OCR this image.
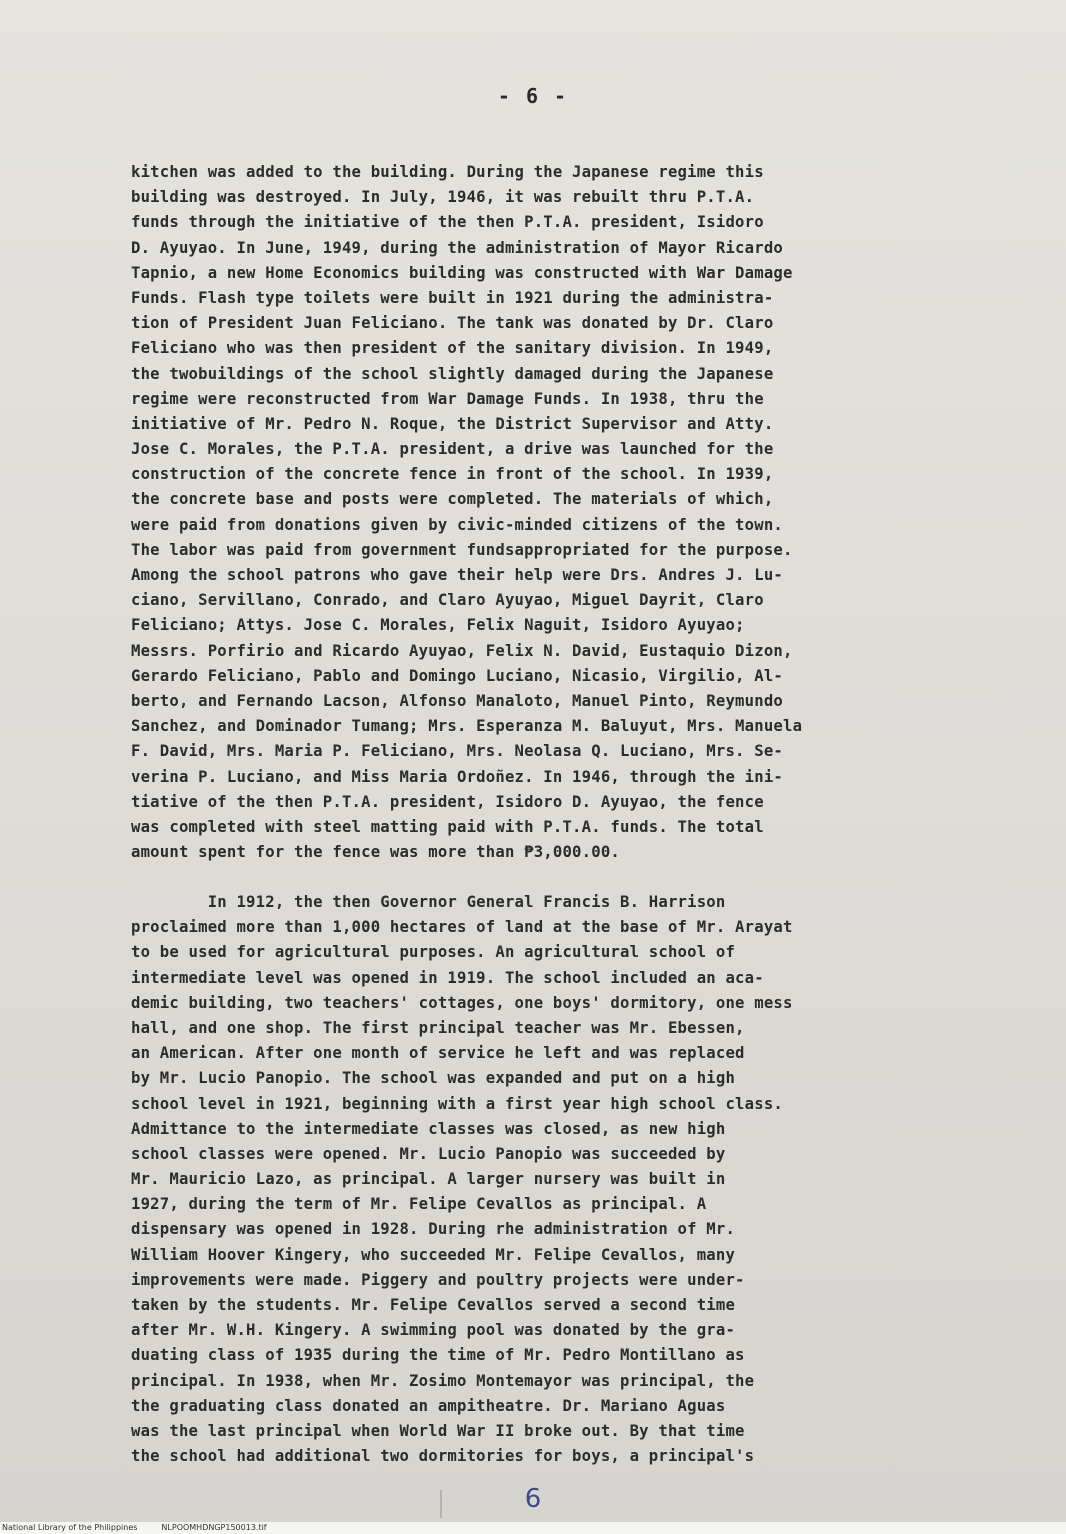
- 6 -
kitchen was added to the building. During the Japanese regime this
building was destroyed. In July, 1946, it was rebuilt thru P.T.A.
funds through the initiative of the then P.T.A. president, Isidoro
D. Ayuyao. In June, 1949, during the administration of Mayor Ricardo
Tapnio, a new Home Economics building was constructed with War Damage
Funds. Flash type toilets were built in 1921 during the administra-
tion of President Juan Feliciano. The tank was donated by Dr. Claro
Feliciano who was then president of the sanitary division. In 1949,
the twobuildings of the school slightly damaged during the Japanese
regime were reconstructed from War Damage Funds. In 1938, thru the
initiative of Mr. Pedro N. Roque, the District Supervisor and Atty.
Jose C. Morales, the P.T.A. president, a drive was launched for the
construction of the concrete fence in front of the school. In 1939,
the concrete base and posts were completed. The materials of which,
were paid from donations given by civic-minded citizens of the town.
The labor was paid from government fundsappropriated for the purpose.
Among the school patrons who gave their help were Drs. Andres J. Lu-
ciano, Servillano, Conrado, and Claro Ayuyao, Miguel Dayrit, Claro
Feliciano; Attys. Jose C. Morales, Felix Naguit, Isidoro Ayuyao;
Messrs. Porfirio and Ricardo Ayuyao, Felix N. David, Eustaquio Dizon,
Gerardo Feliciano, Pablo and Domingo Luciano, Nicasio, Virgilio, Al-
berto, and Fernando Lacson, Alfonso Manaloto, Manuel Pinto, Reymundo
Sanchez, and Dominador Tumang; Mrs. Esperanza M. Baluyut, Mrs. Manuela
F. David, Mrs. Maria P. Feliciano, Mrs. Neolasa Q. Luciano, Mrs. Se-
verina P. Luciano, and Miss Maria Ordoñez. In 1946, through the ini-
tiative of the then P.T.A. president, Isidoro D. Ayuyao, the fence
was completed with steel matting paid with P.T.A. funds. The total
amount spent for the fence was more than ₱3,000.00.
In 1912, the then Governor General Francis B. Harrison
proclaimed more than 1,000 hectares of land at the base of Mr. Arayat
to be used for agricultural purposes. An agricultural school of
intermediate level was opened in 1919. The school included an aca-
demic building, two teachers' cottages, one boys' dormitory, one mess
hall, and one shop. The first principal teacher was Mr. Ebessen,
an American. After one month of service he left and was replaced
by Mr. Lucio Panopio. The school was expanded and put on a high
school level in 1921, beginning with a first year high school class.
Admittance to the intermediate classes was closed, as new high
school classes were opened. Mr. Lucio Panopio was succeeded by
Mr. Mauricio Lazo, as principal. A larger nursery was built in
1927, during the term of Mr. Felipe Cevallos as principal. A
dispensary was opened in 1928. During rhe administration of Mr.
William Hoover Kingery, who succeeded Mr. Felipe Cevallos, many
improvements were made. Piggery and poultry projects were under-
taken by the students. Mr. Felipe Cevallos served a second time
after Mr. W.H. Kingery. A swimming pool was donated by the gra-
duating class of 1935 during the time of Mr. Pedro Montillano as
principal. In 1938, when Mr. Zosimo Montemayor was principal, the
the graduating class donated an ampitheatre. Dr. Mariano Aguas
was the last principal when World War II broke out. By that time
the school had additional two dormitories for boys, a principal's
6
National Library of the Philippines	NLPOOMHDNGP150013.tif
